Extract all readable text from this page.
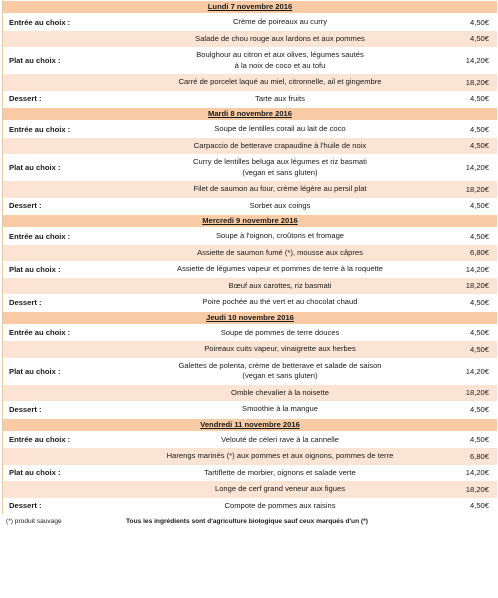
Lundi 7 novembre 2016
Entrée au choix :	Crème de poireaux au curry	4,50€
Salade de chou rouge aux lardons et aux pommes	4,50€
Plat au choix :
Boulghour au citron et aux olives, légumes sautés
à la noix de coco et au tofu	14,20€
Carré de porcelet laqué au miel, citronnelle, ail et gingembre	18,20€
Dessert :	Tarte aux fruits	4,50€
Mardi 8 novembre 2016
Entrée au choix :	Soupe de lentilles corail au lait de coco	4,50€
Carpaccio de betterave crapaudine à l'huile de noix	4,50€
Plat au choix :
Curry de lentilles beluga aux légumes et riz basmati
(vegan et sans gluten)	14,20€
Filet de saumon au four, crème légère au persil plat	18,20€
Dessert :	Sorbet aux coings	4,50€
Mercredi 9 novembre 2016
Entrée au choix :	Soupe à l'oignon, croûtons et fromage	4,50€
Assiette de saumon fumé (*), mousse aux câpres	6,80€
Plat au choix :	Assiette de légumes vapeur et pommes de terre à la roquette	14,20€
Bœuf aux carottes, riz basmati	18,20€
Dessert :	Poire pochée au thé vert et au chocolat chaud	4,50€
Jeudi 10 novembre 2016
Entrée au choix :	Soupe de pommes de terre douces	4,50€
Poireaux cuits vapeur, vinaigrette aux herbes	4,50€
Plat au choix :
Galettes de polenta, crème de betterave et salade de saison
(vegan et sans gluten)	14,20€
Omble chevalier à la noisette	18,20€
Dessert :	Smoothie à la mangue	4,50€
Vendredi 11 novembre 2016
Entrée au choix :	Velouté de céleri rave à la cannelle	4,50€
Harengs marinés (*) aux pommes et aux oignons, pommes de terre	6,80€
Plat au choix :	Tartiflette de morbier, oignons et salade verte	14,20€
Longe de cerf grand veneur aux figues	18,20€
Dessert :	Compote de pommes aux raisins	4,50€
(*) produit sauvage	Tous les ingrédients sont d'agriculture biologique sauf ceux marqués d'un (*)
